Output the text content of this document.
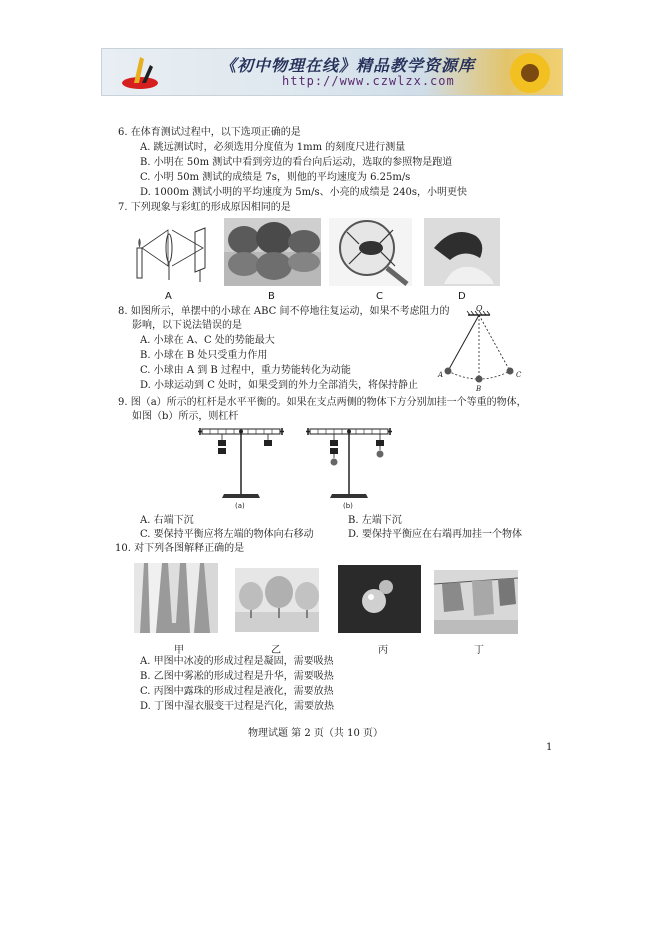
《初中物理在线》精品教学资源库
http://www.czwlzx.com
6. 在体育测试过程中，以下选项正确的是
A. 跳远测试时，必须选用分度值为 1mm 的刻度尺进行测量
B. 小明在 50m 测试中看到旁边的看台向后运动，选取的参照物是跑道
C. 小明 50m 测试的成绩是 7s，则他的平均速度为 6.25m/s
D. 1000m 测试小明的平均速度为 5m/s、小亮的成绩是 240s，小明更快
7. 下列现象与彩虹的形成原因相同的是
A	B	C	D
8. 如图所示，单摆中的小球在 ABC 间不停地往复运动，如果不考虑阻力的
影响，以下说法错误的是
A. 小球在 A、C 处的势能最大
B. 小球在 B 处只受重力作用
C. 小球由 A 到 B 过程中，重力势能转化为动能
D. 小球运动到 C 处时，如果受到的外力全部消失，将保持静止
O
A
B
C
9. 图（a）所示的杠杆是水平平衡的。如果在支点两侧的物体下方分别加挂一个等重的物体，
如图（b）所示，则杠杆
(a)	(b)
A. 右端下沉	B. 左端下沉
C. 要保持平衡应将左端的物体向右移动	D. 要保持平衡应在右端再加挂一个物体
10. 对下列各图解释正确的是
甲	乙	丙	丁
A. 甲图中冰凌的形成过程是凝固，需要吸热
B. 乙图中雾凇的形成过程是升华，需要吸热
C. 丙图中露珠的形成过程是液化，需要放热
D. 丁图中湿衣服变干过程是汽化，需要放热
物理试题 第 2 页（共 10 页）
1
